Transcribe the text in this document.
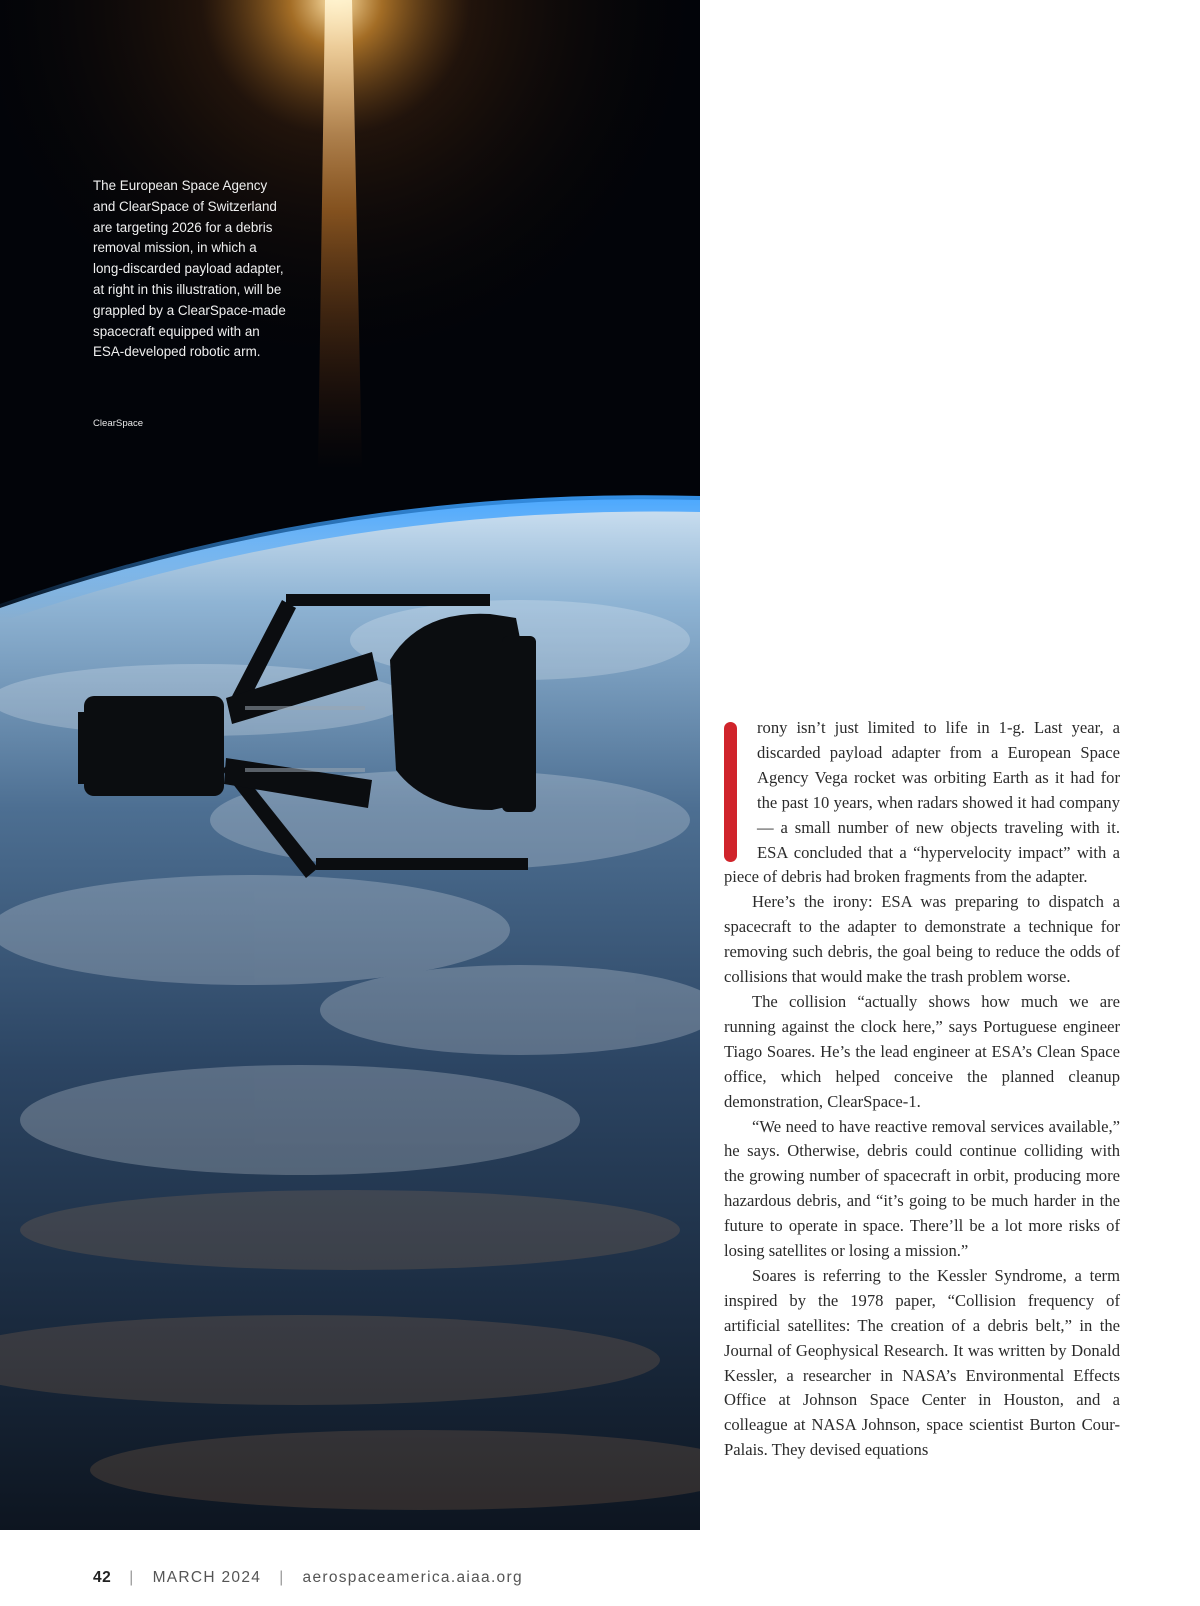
The European Space Agency and ClearSpace of Switzerland are targeting 2026 for a debris removal mission, in which a long-discarded payload adapter, at right in this illustration, will be grappled by a ClearSpace-made spacecraft equipped with an ESA-developed robotic arm.
ClearSpace

rony isn’t just limited to life in 1-g. Last year, a discarded payload adapter from a European Space Agency Vega rocket was orbiting Earth as it had for the past 10 years, when radars showed it had company — a small number of new objects traveling with it. ESA concluded that a “hypervelocity impact” with a piece of debris had broken fragments from the adapter.

Here’s the irony: ESA was preparing to dispatch a spacecraft to the adapter to demonstrate a technique for removing such debris, the goal being to reduce the odds of collisions that would make the trash problem worse.

The collision “actually shows how much we are running against the clock here,” says Portuguese engineer Tiago Soares. He’s the lead engineer at ESA’s Clean Space office, which helped conceive the planned cleanup demonstration, ClearSpace-1.

“We need to have reactive removal services available,” he says. Otherwise, debris could continue colliding with the growing number of spacecraft in orbit, producing more hazardous debris, and “it’s going to be much harder in the future to operate in space. There’ll be a lot more risks of losing satellites or losing a mission.”

Soares is referring to the Kessler Syndrome, a term inspired by the 1978 paper, “Collision frequency of artificial satellites: The creation of a debris belt,” in the Journal of Geophysical Research. It was written by Donald Kessler, a researcher in NASA’s Environmental Effects Office at Johnson Space Center in Houston, and a colleague at NASA Johnson, space scientist Burton Cour-Palais. They devised equations

42 | MARCH 2024 | aerospaceamerica.aiaa.org
